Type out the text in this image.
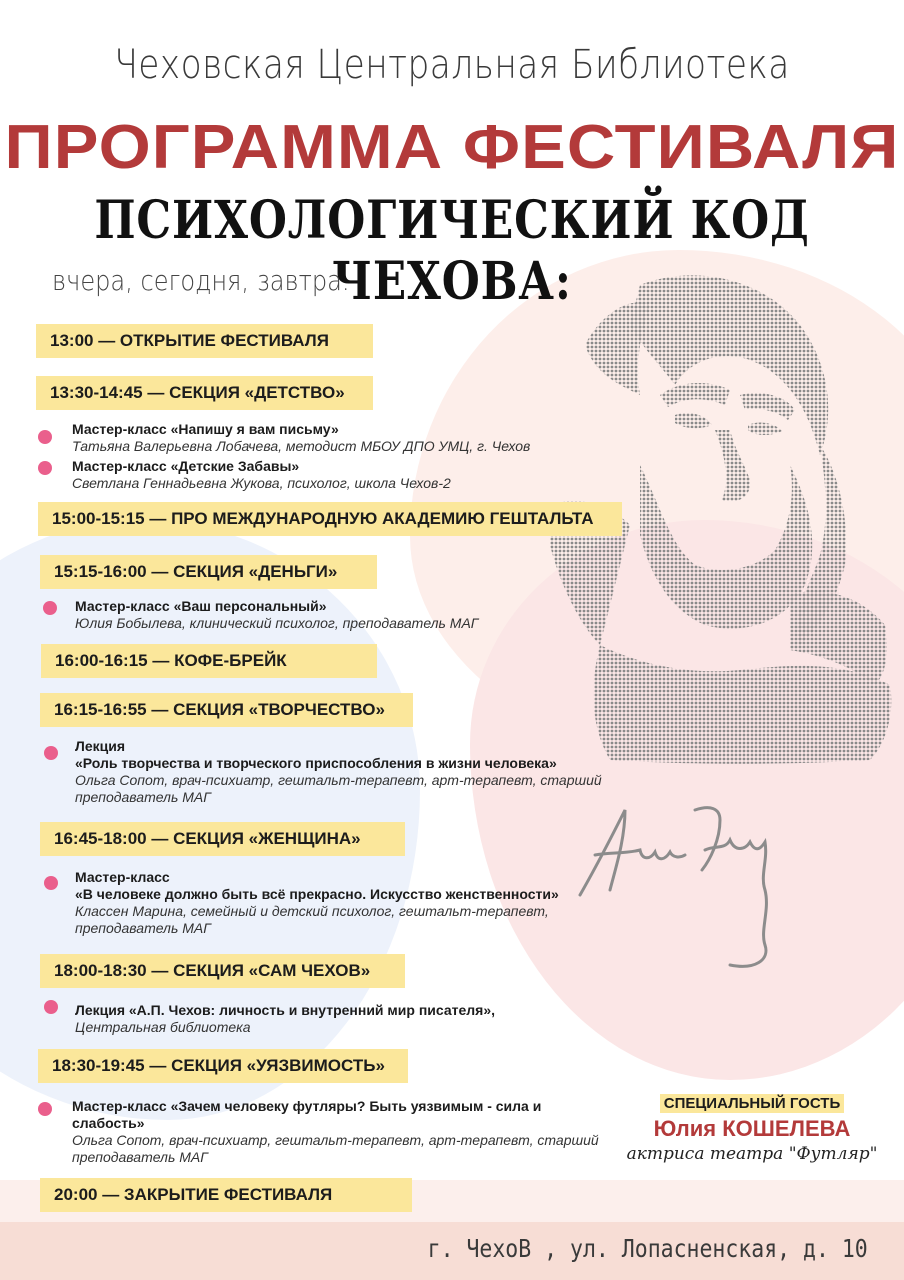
Чеховская Центральная Библиотека
ПРОГРАММА ФЕСТИВАЛЯ
ПСИХОЛОГИЧЕСКИЙ КОД ЧЕХОВА:
вчера, сегодня, завтра.
13:00 — ОТКРЫТИЕ ФЕСТИВАЛЯ
13:30-14:45 — СЕКЦИЯ «ДЕТСТВО»
Мастер-класс «Напишу я вам письму»
Татьяна Валерьевна Лобачева, методист МБОУ ДПО УМЦ, г. Чехов
Мастер-класс «Детские Забавы»
Светлана Геннадьевна Жукова, психолог, школа Чехов-2
15:00-15:15 — ПРО МЕЖДУНАРОДНУЮ АКАДЕМИЮ ГЕШТАЛЬТА
15:15-16:00 — СЕКЦИЯ «ДЕНЬГИ»
Мастер-класс «Ваш персональный»
Юлия Бобылева, клинический психолог, преподаватель МАГ
16:00-16:15 — КОФЕ-БРЕЙК
16:15-16:55 — СЕКЦИЯ «ТВОРЧЕСТВО»
Лекция
«Роль творчества и творческого приспособления в жизни человека»
Ольга Сопот, врач-психиатр, гештальт-терапевт, арт-терапевт, старший
преподаватель МАГ
16:45-18:00 — СЕКЦИЯ «ЖЕНЩИНА»
Мастер-класс
«В человеке должно быть всё прекрасно. Искусство женственности»
Классен Марина, семейный и детский психолог, гештальт-терапевт,
преподаватель МАГ
18:00-18:30 — СЕКЦИЯ «САМ ЧЕХОВ»
Лекция «А.П. Чехов: личность и внутренний мир писателя»,
Центральная библиотека
18:30-19:45 — СЕКЦИЯ «УЯЗВИМОСТЬ»
Мастер-класс «Зачем человеку футляры? Быть уязвимым - сила и
слабость»
Ольга Сопот, врач-психиатр, гештальт-терапевт, арт-терапевт, старший
преподаватель МАГ
20:00 — ЗАКРЫТИЕ ФЕСТИВАЛЯ
СПЕЦИАЛЬНЫЙ ГОСТЬ
Юлия КОШЕЛЕВА
актриса театра "Футляр"
г. ЧехоВ , ул. Лопасненская, д. 10
